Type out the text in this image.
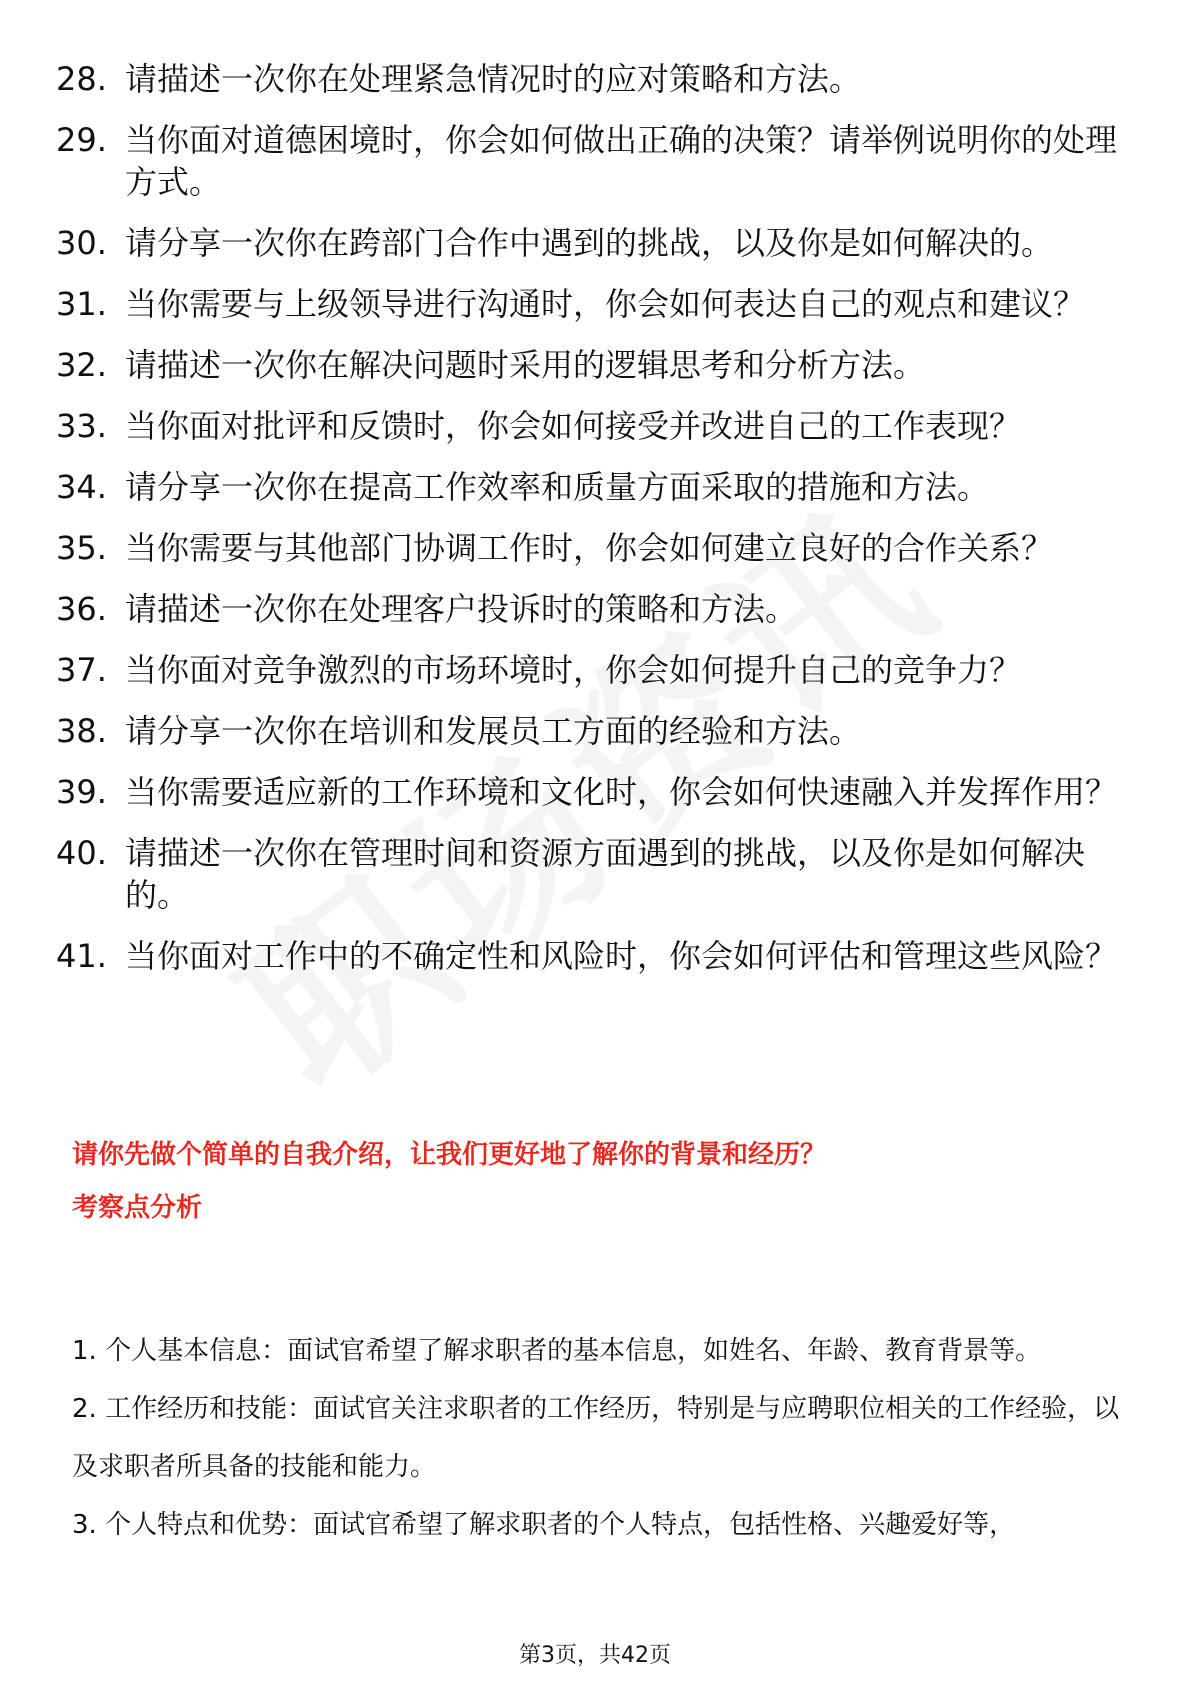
28. 请描述一次你在处理紧急情况时的应对策略和方法。
29. 当你面对道德困境时，你会如何做出正确的决策？请举例说明你的处理方式。
30. 请分享一次你在跨部门合作中遇到的挑战，以及你是如何解决的。
31. 当你需要与上级领导进行沟通时，你会如何表达自己的观点和建议？
32. 请描述一次你在解决问题时采用的逻辑思考和分析方法。
33. 当你面对批评和反馈时，你会如何接受并改进自己的工作表现？
34. 请分享一次你在提高工作效率和质量方面采取的措施和方法。
35. 当你需要与其他部门协调工作时，你会如何建立良好的合作关系？
36. 请描述一次你在处理客户投诉时的策略和方法。
37. 当你面对竞争激烈的市场环境时，你会如何提升自己的竞争力？
38. 请分享一次你在培训和发展员工方面的经验和方法。
39. 当你需要适应新的工作环境和文化时，你会如何快速融入并发挥作用？
40. 请描述一次你在管理时间和资源方面遇到的挑战，以及你是如何解决的。
41. 当你面对工作中的不确定性和风险时，你会如何评估和管理这些风险？
请你先做个简单的自我介绍，让我们更好地了解你的背景和经历？
考察点分析

1. 个人基本信息：面试官希望了解求职者的基本信息，如姓名、年龄、教育背景等。

2. 工作经历和技能：面试官关注求职者的工作经历，特别是与应聘职位相关的工作经验，以及求职者所具备的技能和能力。

3. 个人特点和优势：面试官希望了解求职者的个人特点，包括性格、兴趣爱好等，

第3页，共42页
